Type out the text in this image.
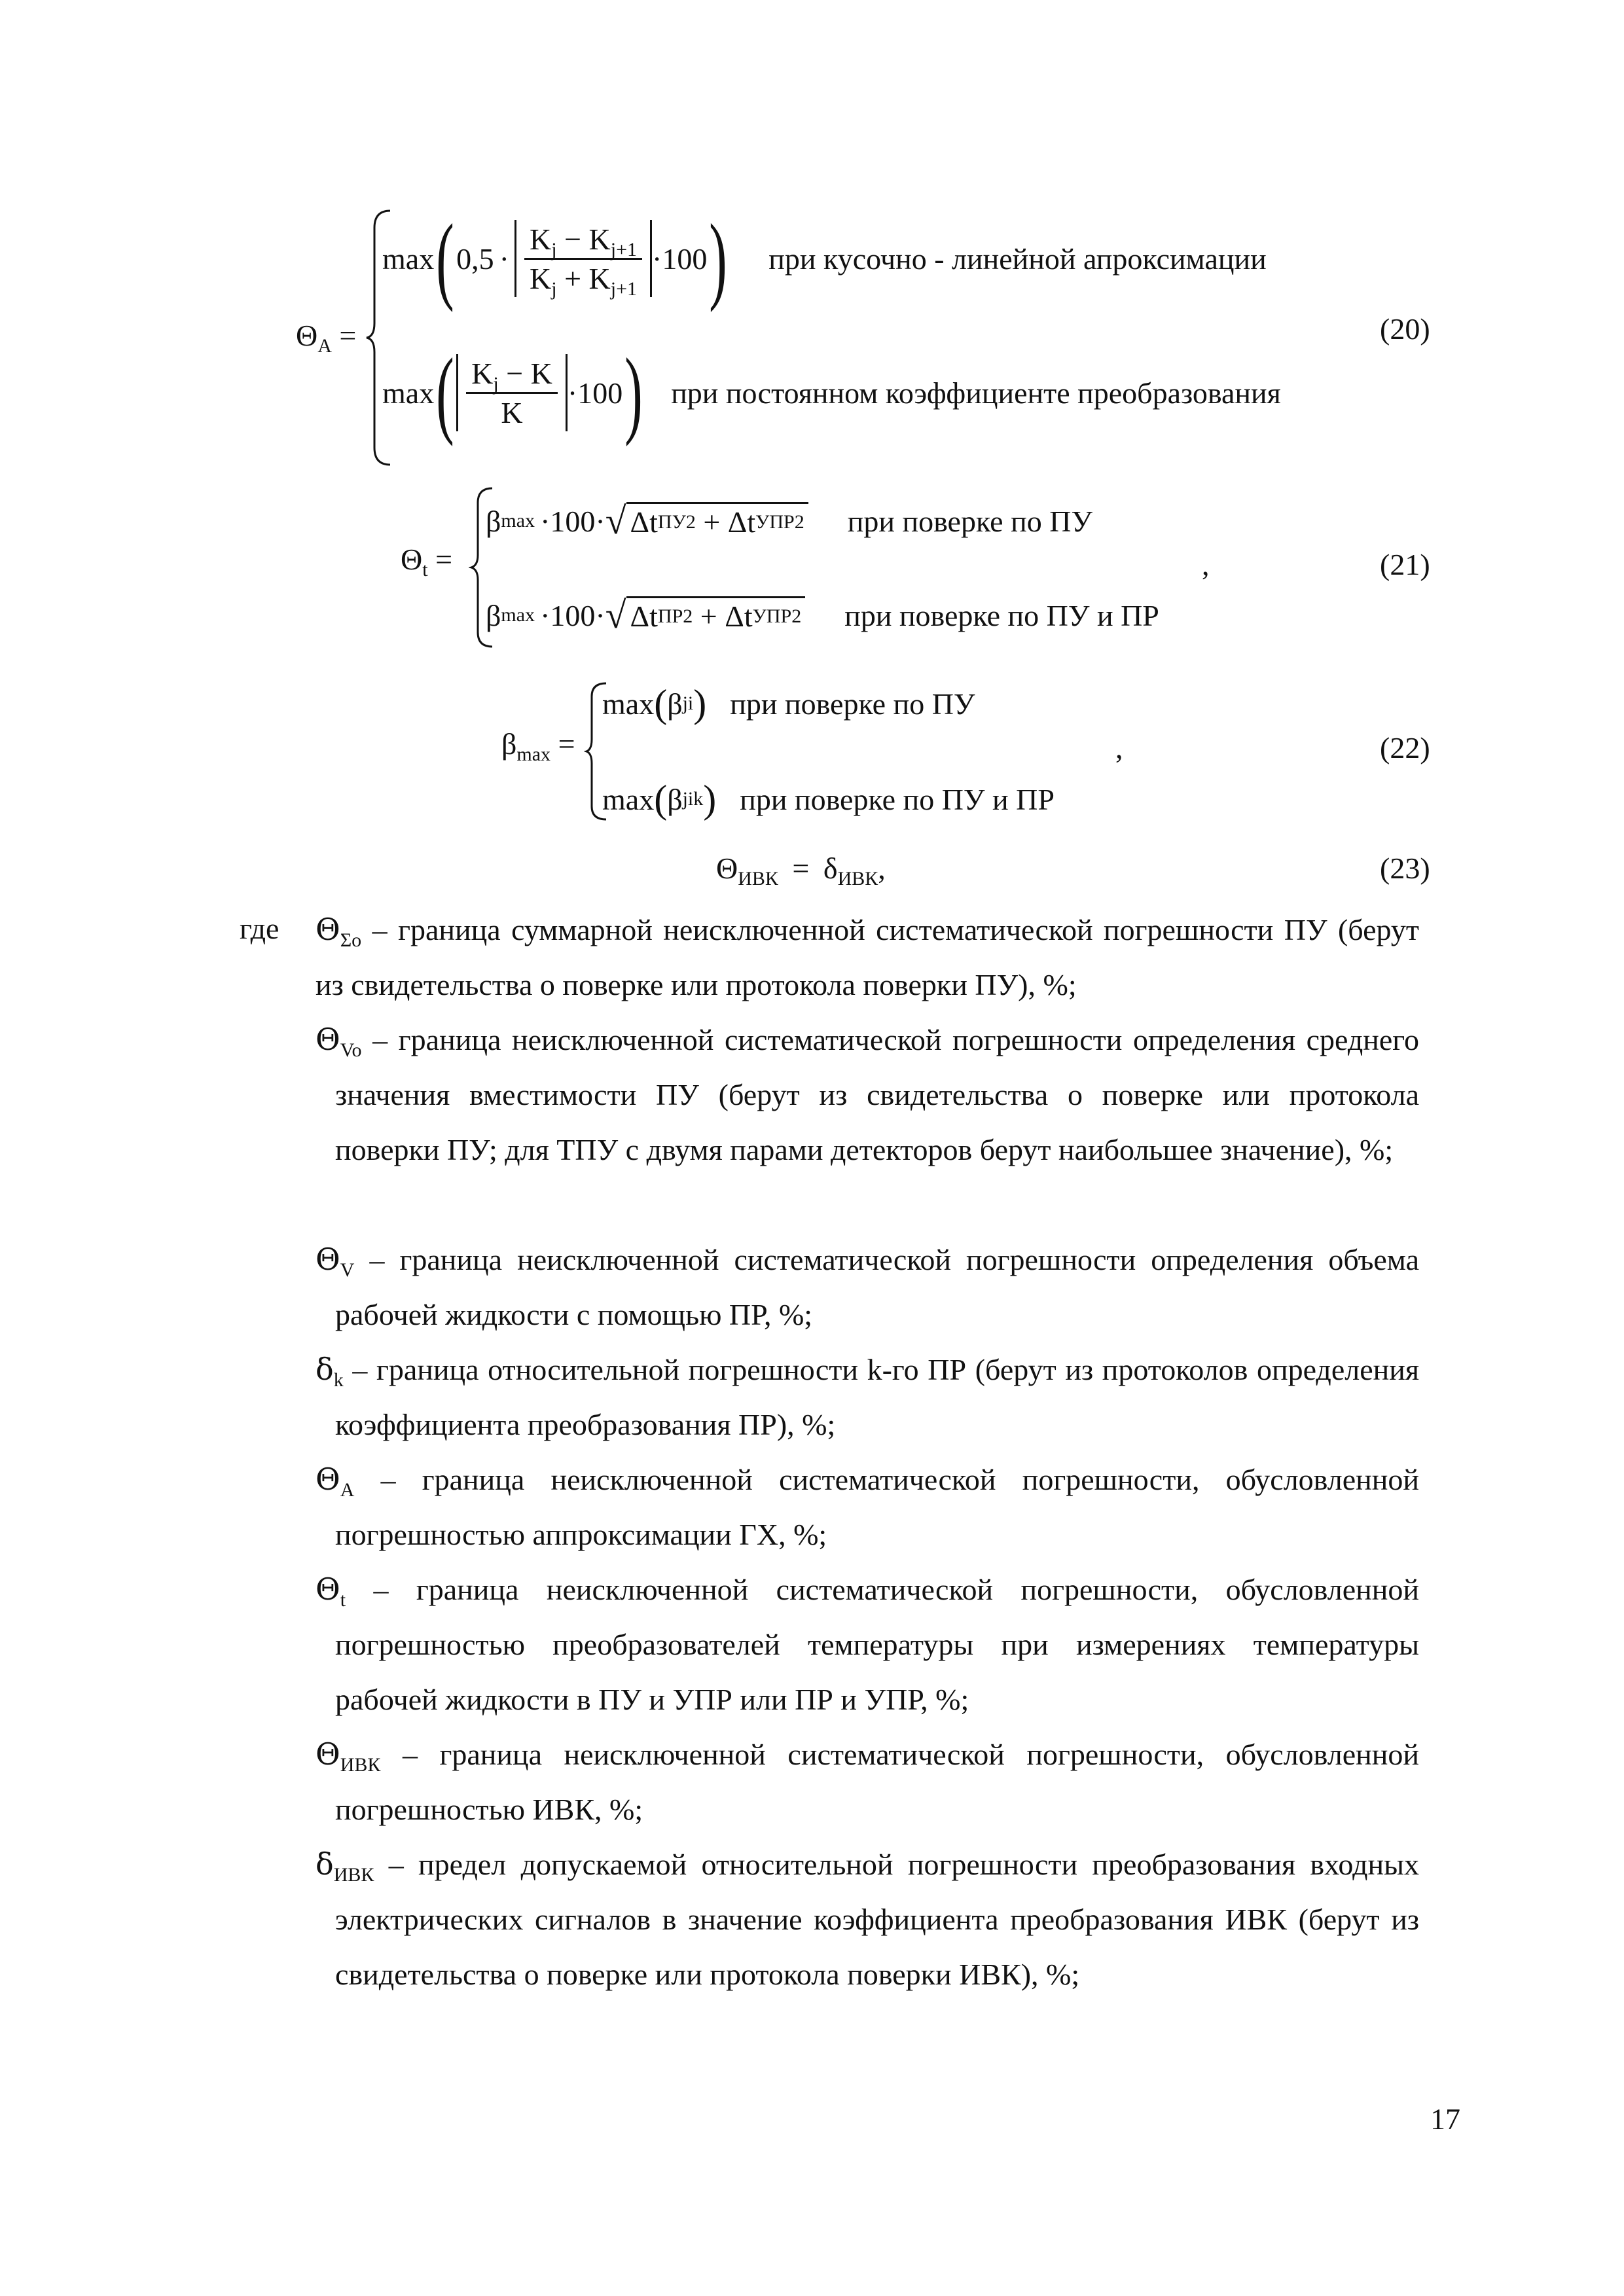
$\Theta_A$ =
max ( $0,5 \cdot \frac{K_j - K_{j+1}}{K_j + K_{j+1}} \cdot 100$ ) при кусочно - линейной апроксимации
max ( $\frac{K_j - K}{K} \cdot 100$ ) при постоянном коэффициенте преобразования
(20)
$\Theta_t$ =
β max ·100· √ Δt ПУ 2 + Δt УПР 2 при поверке по ПУ
β max ·100· √ Δt ПР 2 + Δt УПР 2 при поверке по ПУ и ПР
,	(21)
$\beta_{max}$ =
max ( β ji ) при поверке по ПУ
max ( β jik ) при поверке по ПУ и ПР
,	(22)
$\Theta_{ИВК} = \delta_{ИВК}$,	(23)
где $\Theta_{\Sigma o}$ – граница суммарной неисключенной систематической погрешности ПУ (берут из свидетельства о поверке или протокола поверки ПУ), %;
$\Theta_{Vo}$ – граница неисключенной систематической погрешности определения среднего значения вместимости ПУ (берут из свидетельства о поверке или протокола поверки ПУ; для ТПУ с двумя парами детекторов берут наибольшее значение), %;
$\Theta_V$ – граница неисключенной систематической погрешности определения объема рабочей жидкости с помощью ПР, %;
$\delta_k$ – граница относительной погрешности k-го ПР (берут из протоколов определения коэффициента преобразования ПР), %;
$\Theta_A$ – граница неисключенной систематической погрешности, обусловленной погрешностью аппроксимации ГХ, %;
$\Theta_t$ – граница неисключенной систематической погрешности, обусловленной погрешностью преобразователей температуры при измерениях температуры рабочей жидкости в ПУ и УПР или ПР и УПР, %;
$\Theta_{ИВК}$ – граница неисключенной систематической погрешности, обусловленной погрешностью ИВК, %;
$\delta_{ИВК}$ – предел допускаемой относительной погрешности преобразования входных электрических сигналов в значение коэффициента преобразования ИВК (берут из свидетельства о поверке или протокола поверки ИВК), %;
17
